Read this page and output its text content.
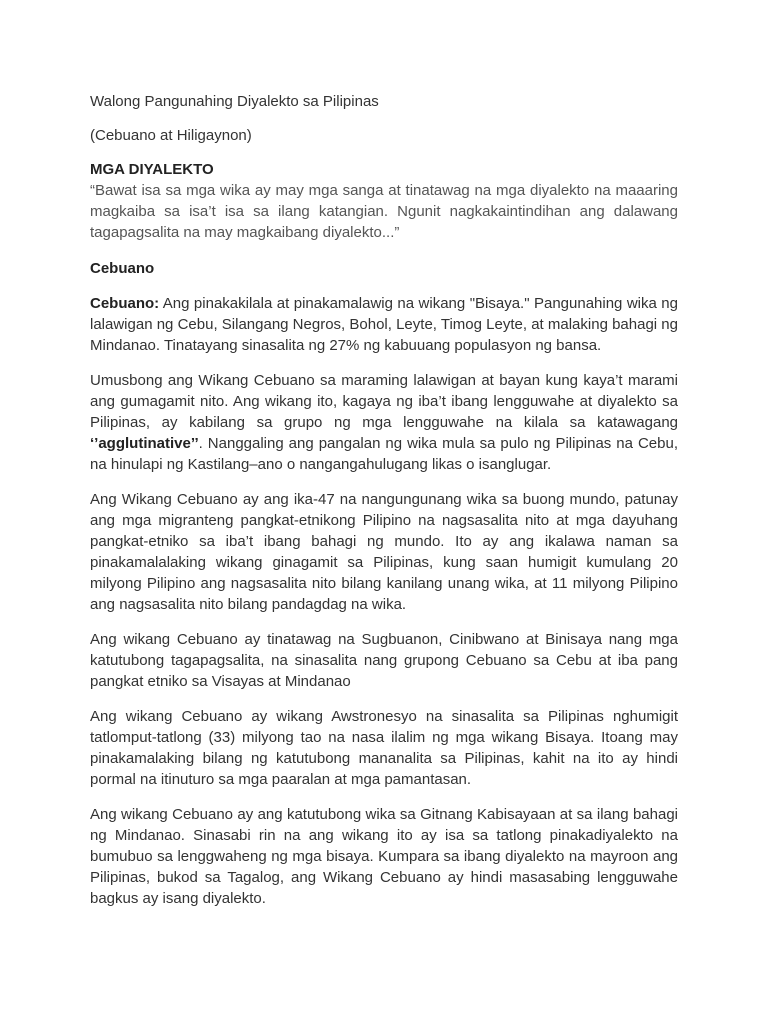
Walong Pangunahing Diyalekto sa Pilipinas
(Cebuano at Hiligaynon)
MGA DIYALEKTO
“Bawat isa sa mga wika ay may mga sanga at tinatawag na mga diyalekto na maaaring magkaiba sa isa’t isa sa ilang katangian. Ngunit nagkakaintindihan ang dalawang tagapagsalita na may magkaibang diyalekto...”
Cebuano

Cebuano: Ang pinakakilala at pinakamalawig na wikang "Bisaya." Pangunahing wika ng lalawigan ng Cebu, Silangang Negros, Bohol, Leyte, Timog Leyte, at malaking bahagi ng Mindanao. Tinatayang sinasalita ng 27% ng kabuuang populasyon ng bansa.

Umusbong ang Wikang Cebuano sa maraming lalawigan at bayan kung kaya’t marami ang gumagamit nito. Ang wikang ito, kagaya ng iba’t ibang lengguwahe at diyalekto sa Pilipinas, ay kabilang sa grupo ng mga lengguwahe na kilala sa katawagang ‘’agglutinative’’. Nanggaling ang pangalan ng wika mula sa pulo ng Pilipinas na Cebu, na hinulapi ng Kastilang–ano o nangangahulugang likas o isanglugar.

Ang Wikang Cebuano ay ang ika-47 na nangungunang wika sa buong mundo, patunay ang mga migranteng pangkat-etnikong Pilipino na nagsasalita nito at mga dayuhang pangkat-etniko sa iba’t ibang bahagi ng mundo. Ito ay ang ikalawa naman sa pinakamalalaking wikang ginagamit sa Pilipinas, kung saan humigit kumulang 20 milyong Pilipino ang nagsasalita nito bilang kanilang unang wika, at 11 milyong Pilipino ang nagsasalita nito bilang pandagdag na wika.

Ang wikang Cebuano ay tinatawag na Sugbuanon, Cinibwano at Binisaya nang mga katutubong tagapagsalita, na sinasalita nang grupong Cebuano sa Cebu at iba pang pangkat etniko sa Visayas at Mindanao

Ang wikang Cebuano ay wikang Awstronesyo na sinasalita sa Pilipinas nghumigit tatlomput-tatlong (33) milyong tao na nasa ilalim ng mga wikang Bisaya. Itoang may pinakamalaking bilang ng katutubong mananalita sa Pilipinas, kahit na ito ay hindi pormal na itinuturo sa mga paaralan at mga pamantasan.

Ang wikang Cebuano ay ang katutubong wika sa Gitnang Kabisayaan at sa ilang bahagi ng Mindanao. Sinasabi rin na ang wikang ito ay isa sa tatlong pinakadiyalekto na bumubuo sa lenggwaheng ng mga bisaya. Kumpara sa ibang diyalekto na mayroon ang Pilipinas, bukod sa Tagalog, ang Wikang Cebuano ay hindi masasabing lengguwahe bagkus ay isang diyalekto.
